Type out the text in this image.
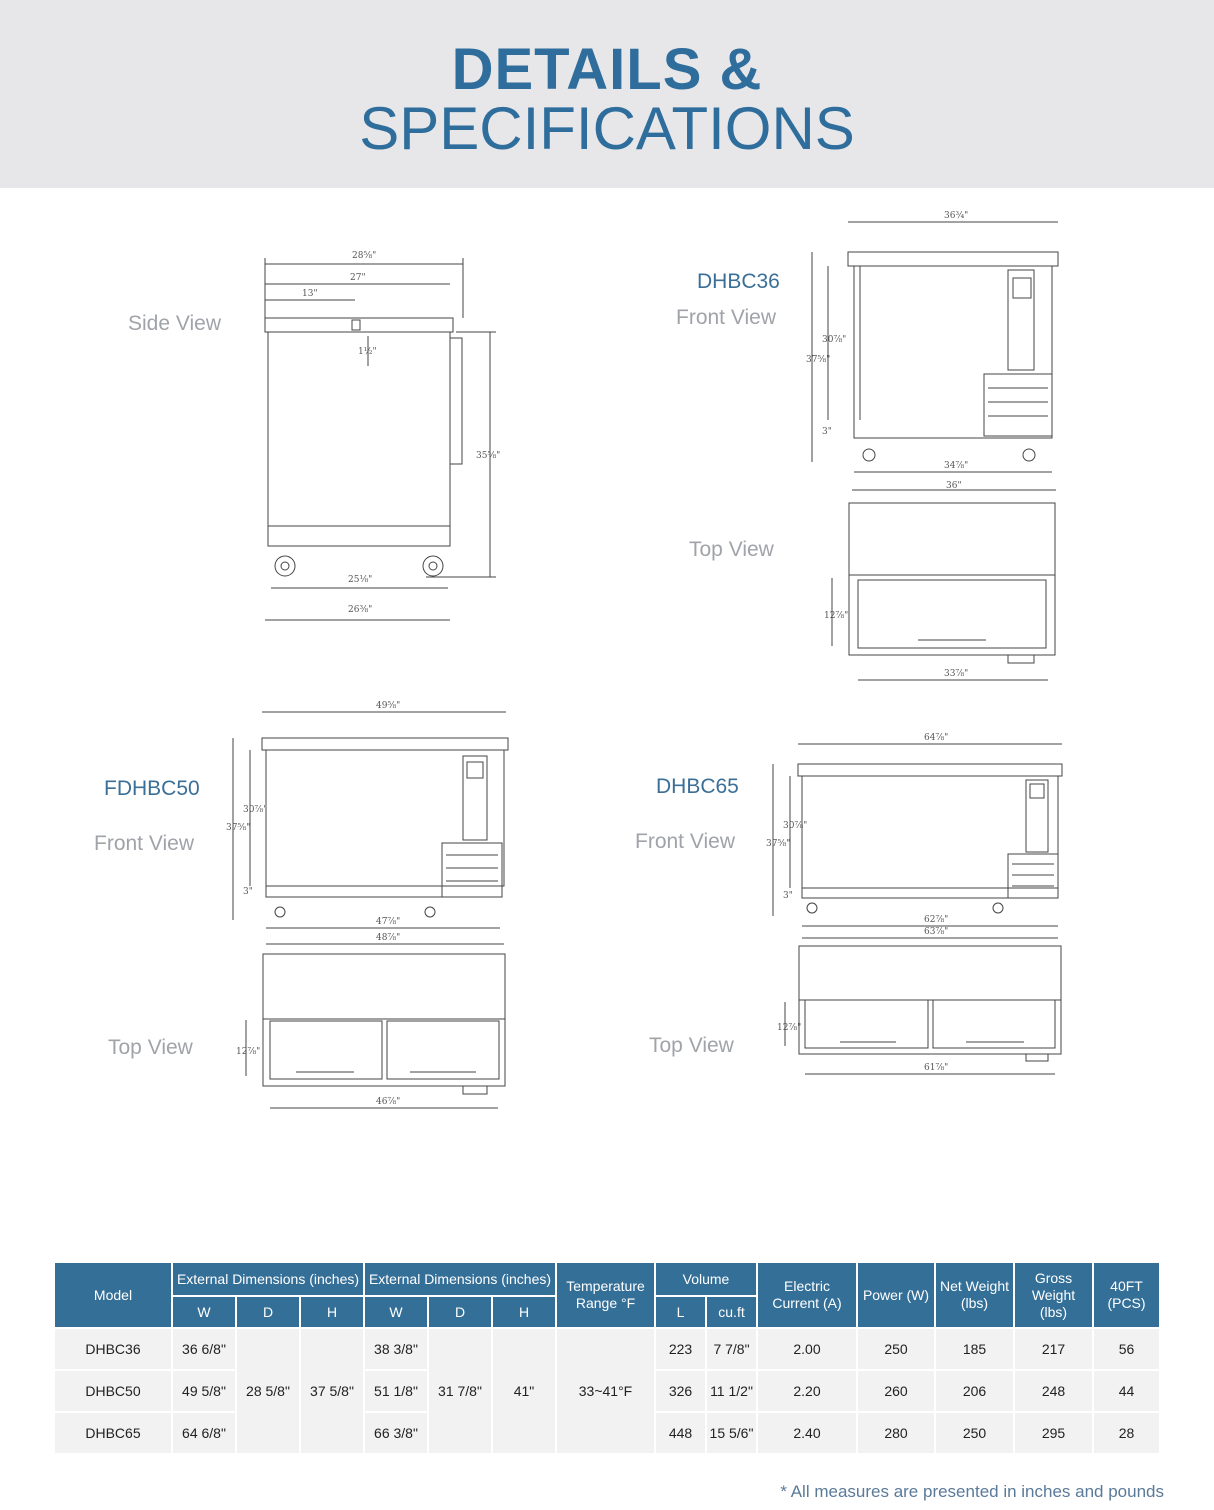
DETAILS &
SPECIFICATIONS
Side View
DHBC36
Front View
Top View
FDHBC50
Front View
Top View
DHBC65
Front View
Top View
28⅝"
27"
13"
1½"
35⅝"
25⅛"
26⅜"
36¾"
37⅝"
30⅞"
3"
34⅞"
36"
12⅞"
33⅞"
49⅝"
37⅝"
30⅞"
3"
47⅞"
48⅞"
12⅞"
46⅞"
64⅞"
37⅝"
30⅞"
3"
62⅞"
63⅞"
12⅞"
61⅞"
Model	External Dimensions (inches)			External Dimensions (inches)			Temperature Range °F	Volume		Electric Current (A)	Power (W)	Net Weight (lbs)	Gross Weight (lbs)	40FT (PCS)
	W	D	H	W	D	H		L	cu.ft					
DHBC36	36 6/8"	28 5/8"	37 5/8"	38 3/8"	31 7/8"	41"	33~41°F	223	7 7/8"	2.00	250	185	217	56
DHBC50	49 5/8"			51 1/8"				326	11 1/2"	2.20	260	206	248	44
DHBC65	64 6/8"			66 3/8"				448	15 5/6"	2.40	280	250	295	28
* All measures are presented in inches and pounds
